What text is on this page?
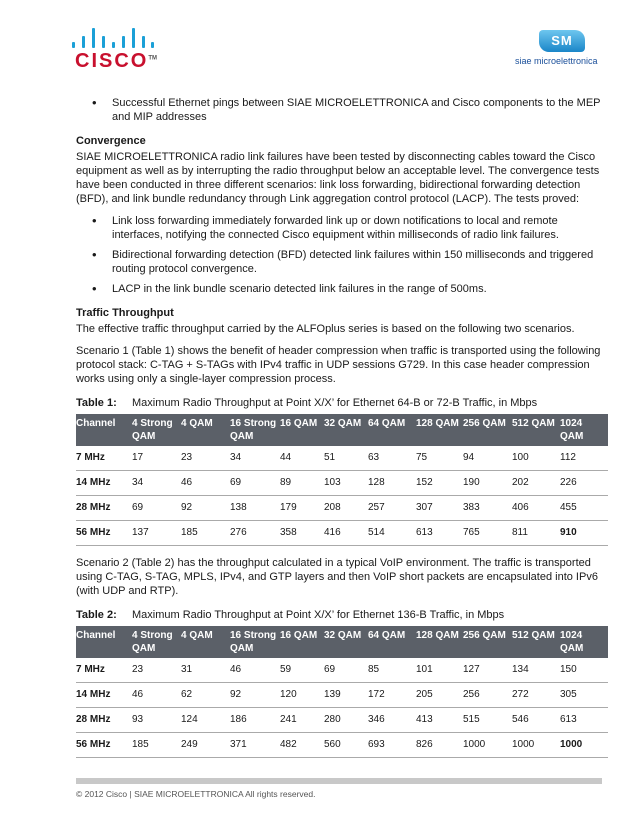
CISCO™
SM
siae microelettronica
• Successful Ethernet pings between SIAE MICROELETTRONICA and Cisco components to the MEP and MIP addresses
Convergence

SIAE MICROELETTRONICA radio link failures have been tested by disconnecting cables toward the Cisco equipment as well as by interrupting the radio throughput below an acceptable level. The convergence tests have been conducted in three different scenarios: link loss forwarding, bidirectional forwarding detection (BFD), and link bundle redundancy through Link aggregation control protocol (LACP). The tests proved:

• Link loss forwarding immediately forwarded link up or down notifications to local and remote interfaces, notifying the connected Cisco equipment within milliseconds of radio link failures.
• Bidirectional forwarding detection (BFD) detected link failures within 150 milliseconds and triggered routing protocol convergence.
• LACP in the link bundle scenario detected link failures in the range of 500ms.
Traffic Throughput

The effective traffic throughput carried by the ALFOplus series is based on the following two scenarios.

Scenario 1 (Table 1) shows the benefit of header compression when traffic is transported using the following protocol stack: C-TAG + S-TAGs with IPv4 traffic in UDP sessions G729. In this case header compression works using only a single-layer compression process.

Table 1:	Maximum Radio Throughput at Point X/X’ for Ethernet 64-B or 72-B Traffic, in Mbps
Channel	4 Strong QAM	4 QAM	16 Strong QAM	16 QAM	32 QAM	64 QAM	128 QAM	256 QAM	512 QAM	1024 QAM
7 MHz	17	23	34	44	51	63	75	94	100	112
14 MHz	34	46	69	89	103	128	152	190	202	226
28 MHz	69	92	138	179	208	257	307	383	406	455
56 MHz	137	185	276	358	416	514	613	765	811	910

Scenario 2 (Table 2) has the throughput calculated in a typical VoIP environment. The traffic is transported using C-TAG, S-TAG, MPLS, IPv4, and GTP layers and then VoIP short packets are encapsulated into IPv6 (with UDP and RTP).

Table 2:	Maximum Radio Throughput at Point X/X’ for Ethernet 136-B Traffic, in Mbps
Channel	4 Strong QAM	4 QAM	16 Strong QAM	16 QAM	32 QAM	64 QAM	128 QAM	256 QAM	512 QAM	1024 QAM
7 MHz	23	31	46	59	69	85	101	127	134	150
14 MHz	46	62	92	120	139	172	205	256	272	305
28 MHz	93	124	186	241	280	346	413	515	546	613
56 MHz	185	249	371	482	560	693	826	1000	1000	1000
© 2012 Cisco | SIAE MICROELETTRONICA All rights reserved.
